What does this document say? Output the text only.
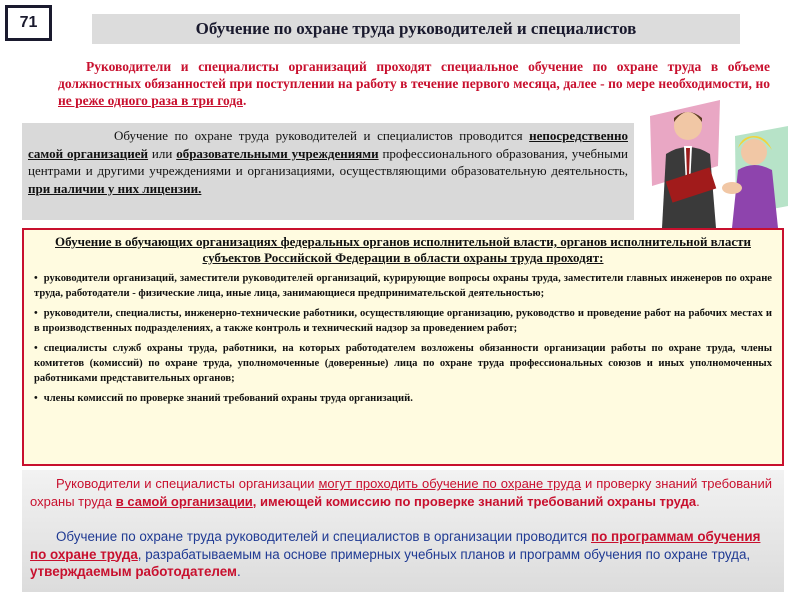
71	Обучение по охране труда руководителей и специалистов
Руководители и специалисты организаций проходят специальное обучение по охране труда в объеме должностных обязанностей при поступлении на работу в течение первого месяца, далее - по мере необходимости, но не реже одного раза в три года.

Обучение по охране труда руководителей и специалистов проводится непосредственно самой организацией или образовательными учреждениями профессионального образования, учебными центрами и другими учреждениями и организациями, осуществляющими образовательную деятельность, при наличии у них лицензии.

Обучение в обучающих организациях федеральных органов исполнительной власти, органов исполнительной власти субъектов Российской Федерации в области охраны труда проходят:
• руководители организаций, заместители руководителей организаций, курирующие вопросы охраны труда, заместители главных инженеров по охране труда, работодатели - физические лица, иные лица, занимающиеся предпринимательской деятельностью;
• руководители, специалисты, инженерно-технические работники, осуществляющие организацию, руководство и проведение работ на рабочих местах и в производственных подразделениях, а также контроль и технический надзор за проведением работ;
• специалисты служб охраны труда, работники, на которых работодателем возложены обязанности организации работы по охране труда, члены комитетов (комиссий) по охране труда, уполномоченные (доверенные) лица по охране труда профессиональных союзов и иных уполномоченных работниками представительных органов;
• члены комиссий по проверке знаний требований охраны труда организаций.
Руководители и специалисты организации могут проходить обучение по охране труда и проверку знаний требований охраны труда в самой организации, имеющей комиссию по проверке знаний требований охраны труда.
Обучение по охране труда руководителей и специалистов в организации проводится по программам обучения по охране труда, разрабатываемым на основе примерных учебных планов и программ обучения по охране труда, утверждаемым работодателем.
